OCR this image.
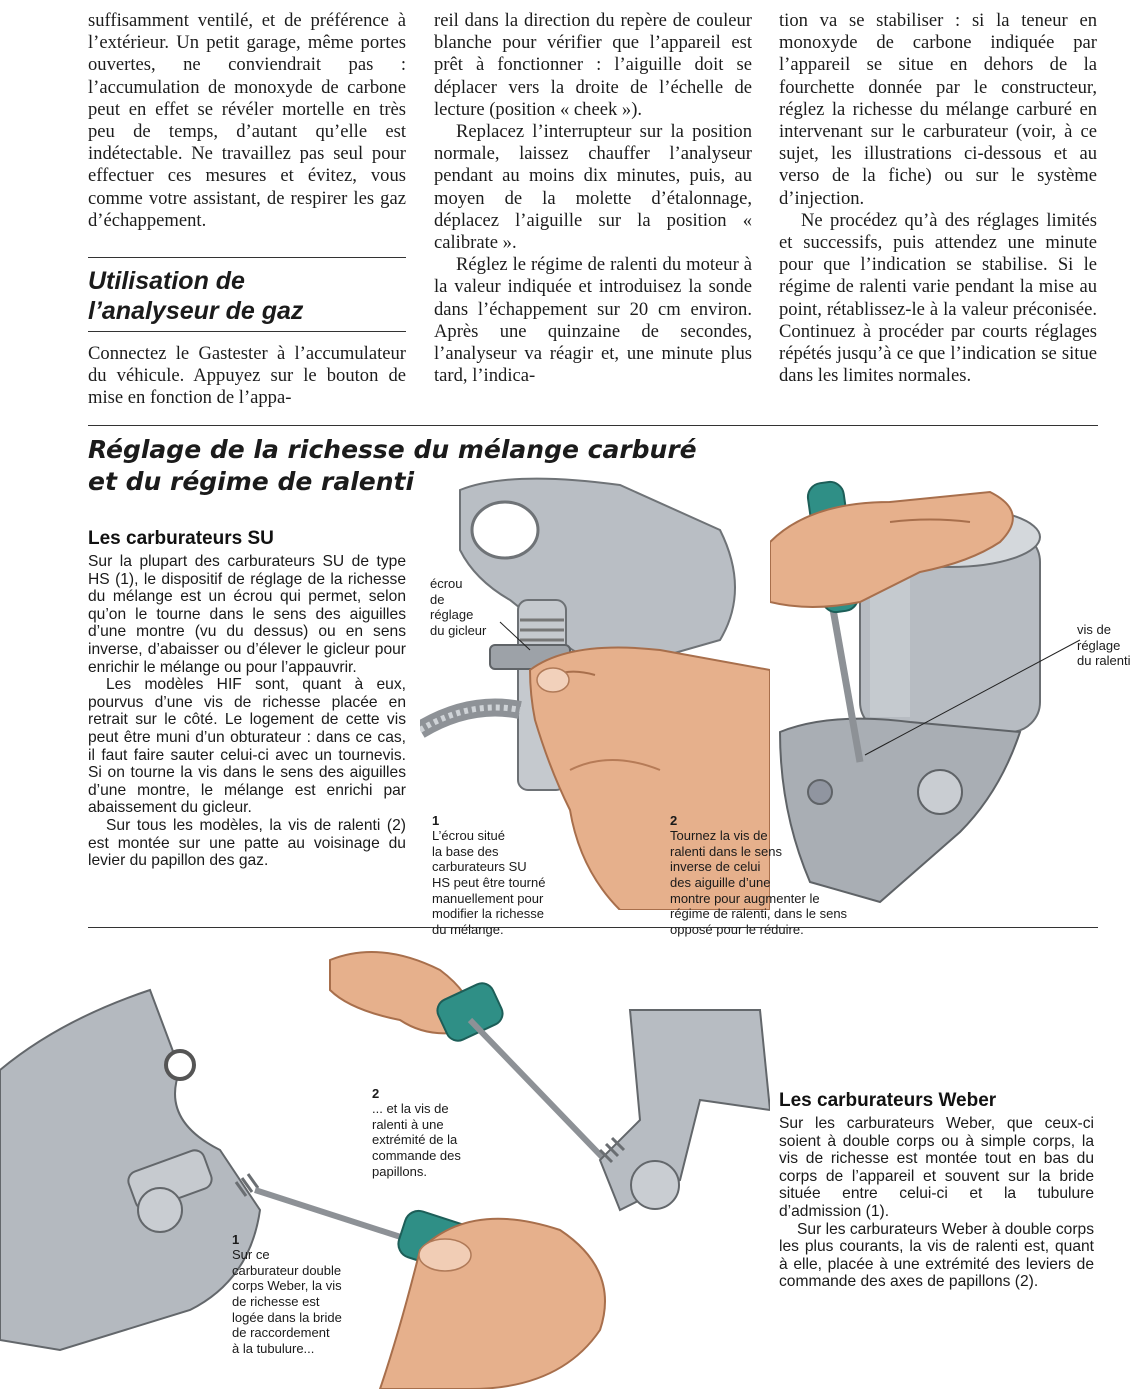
suffisamment ventilé, et de préférence à l’extérieur. Un petit garage, même portes ouvertes, ne conviendrait pas : l’accumulation de monoxyde de carbone peut en effet se révéler mortelle en très peu de temps, d’autant qu’elle est indétectable. Ne travaillez pas seul pour effectuer ces mesures et évitez, vous comme votre assistant, de respirer les gaz d’échappement.

Utilisation de
l’analyseur de gaz

Connectez le Gastester à l’accumulateur du véhicule. Appuyez sur le bouton de mise en fonction de l’appa-

reil dans la direction du repère de couleur blanche pour vérifier que l’appareil est prêt à fonctionner : l’aiguille doit se déplacer vers la droite de l’échelle de lecture (position « cheek »).

Replacez l’interrupteur sur la position normale, laissez chauffer l’analyseur pendant au moins dix minutes, puis, au moyen de la molette d’étalonnage, déplacez l’aiguille sur la position « calibrate ».

Réglez le régime de ralenti du moteur à la valeur indiquée et introduisez la sonde dans l’échappement sur 20 cm environ. Après une quinzaine de secondes, l’analyseur va réagir et, une minute plus tard, l’indica-

tion va se stabiliser : si la teneur en monoxyde de carbone indiquée par l’appareil se situe en dehors de la fourchette donnée par le constructeur, réglez la richesse du mélange carburé en intervenant sur le carburateur (voir, à ce sujet, les illustrations ci-dessous et au verso de la fiche) ou sur le système d’injection.

Ne procédez qu’à des réglages limités et successifs, puis attendez une minute pour que l’indication se stabilise. Si le régime de ralenti varie pendant la mise au point, rétablissez-le à la valeur préconisée. Continuez à procéder par courts réglages répétés jusqu’à ce que l’indication se situe dans les limites normales.

Réglage de la richesse du mélange carburé
et du régime de ralenti
écrou
de
réglage
du gicleur	vis de
réglage
du ralenti
Les carburateurs SU

Sur la plupart des carburateurs SU de type HS (1), le dispositif de réglage de la richesse du mélange est un écrou qui permet, selon qu’on le tourne dans le sens des aiguilles d’une montre (vu du dessus) ou en sens inverse, d’abaisser ou d’élever le gicleur pour enrichir le mélange ou pour l’appauvrir.

Les modèles HIF sont, quant à eux, pourvus d’une vis de richesse placée en retrait sur le côté. Le logement de cette vis peut être muni d’un obturateur : dans ce cas, il faut faire sauter celui-ci avec un tournevis. Si on tourne la vis dans le sens des aiguilles d’une montre, le mélange est enrichi par abaissement du gicleur.

Sur tous les modèles, la vis de ralenti (2) est montée sur une patte au voisinage du levier du papillon des gaz.

1
L’écrou situé
la base des
carburateurs SU
HS peut être tourné
manuellement pour
modifier la richesse
du mélange.

2
Tournez la vis de
ralenti dans le sens
inverse de celui
des aiguille d’une
montre pour augmenter le
régime de ralenti, dans le sens
opposé pour le réduire.

2
... et la vis de
ralenti à une
extrémité de la
commande des
papillons.

1
Sur ce
carburateur double
corps Weber, la vis
de richesse est
logée dans la bride
de raccordement
à la tubulure...

Les carburateurs Weber

Sur les carburateurs Weber, que ceux-ci soient à double corps ou à simple corps, la vis de richesse est montée tout en bas du corps de l’appareil et souvent sur la bride située entre celui-ci et la tubulure d’admission (1).

Sur les carburateurs Weber à double corps les plus courants, la vis de ralenti est, quant à elle, placée à une extrémité des leviers de commande des axes de papillons (2).
